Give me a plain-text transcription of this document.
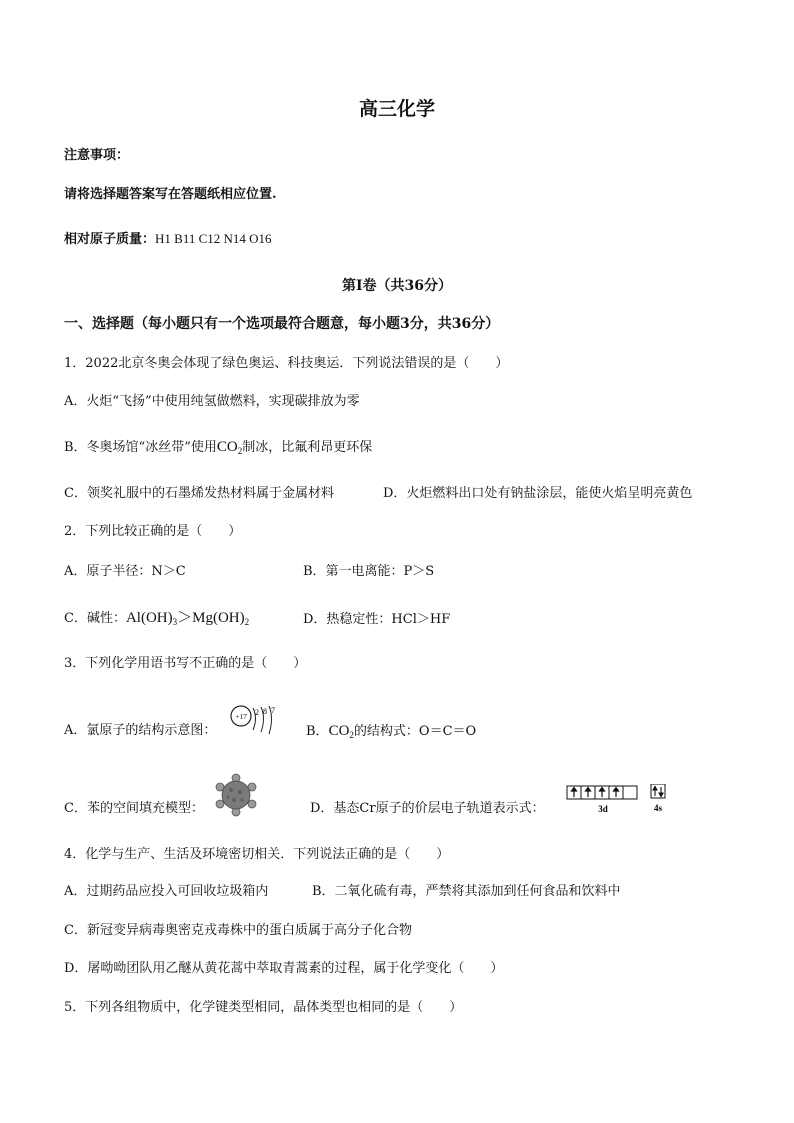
高三化学
注意事项：
请将选择题答案写在答题纸相应位置.
相对原子质量：H1 B11 C12 N14 O16
第Ⅰ卷（共36分）
一、选择题（每小题只有一个选项最符合题意，每小题3分，共36分）
1．2022北京冬奥会体现了绿色奥运、科技奥运．下列说法错误的是（　　）
A．火炬“飞扬”中使用纯氢做燃料，实现碳排放为零
B．冬奥场馆“冰丝带”使用$CO_2$制冰，比氟利昂更环保
C．领奖礼服中的石墨烯发热材料属于金属材料	D．火炬燃料出口处有钠盐涂层，能使火焰呈明亮黄色
2．下列比较正确的是（　　）
A．原子半径：N＞C	B．第一电离能：P＞S
C．碱性：$Al(OH)_3>Mg(OH)_2$	D．热稳定性：HCl＞HF
3．下列化学用语书写不正确的是（　　）
A．氯原子的结构示意图：
+17 2 8 7
B．$CO_2$的结构式：O＝C＝O
C．苯的空间填充模型：	D．基态Cr原子的价层电子轨道表示式：	3d	4s
4．化学与生产、生活及环境密切相关．下列说法正确的是（　　）
A．过期药品应投入可回收垃圾箱内	B．二氧化硫有毒，严禁将其添加到任何食品和饮料中
C．新冠变异病毒奥密克戎毒株中的蛋白质属于高分子化合物
D．屠呦呦团队用乙醚从黄花蒿中萃取青蒿素的过程，属于化学变化（　　）
5．下列各组物质中，化学键类型相同，晶体类型也相同的是（　　）
